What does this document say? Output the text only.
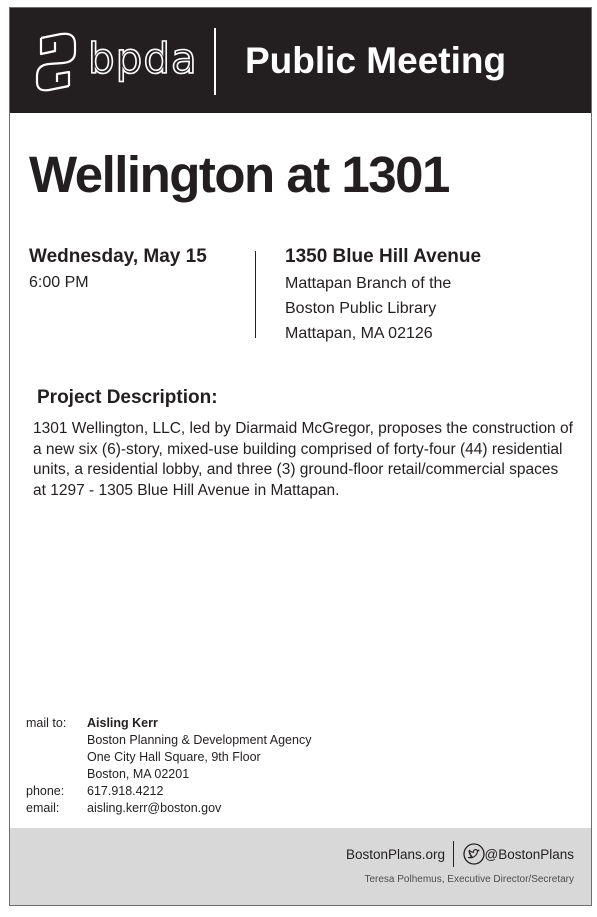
bpda Public Meeting
Wellington at 1301
Wednesday, May 15
6:00 PM
1350 Blue Hill Avenue
Mattapan Branch of the
Boston Public Library
Mattapan, MA 02126
Project Description:
1301 Wellington, LLC, led by Diarmaid McGregor, proposes the construction of a new six (6)-story, mixed-use building comprised of forty-four (44) residential units, a residential lobby, and three (3) ground-floor retail/commercial spaces at 1297 - 1305 Blue Hill Avenue in Mattapan.
mail to:	Aisling Kerr
Boston Planning & Development Agency
One City Hall Square, 9th Floor
Boston, MA 02201
phone:	617.918.4212
email:	aisling.kerr@boston.gov
BostonPlans.org	@BostonPlans
Teresa Polhemus, Executive Director/Secretary
